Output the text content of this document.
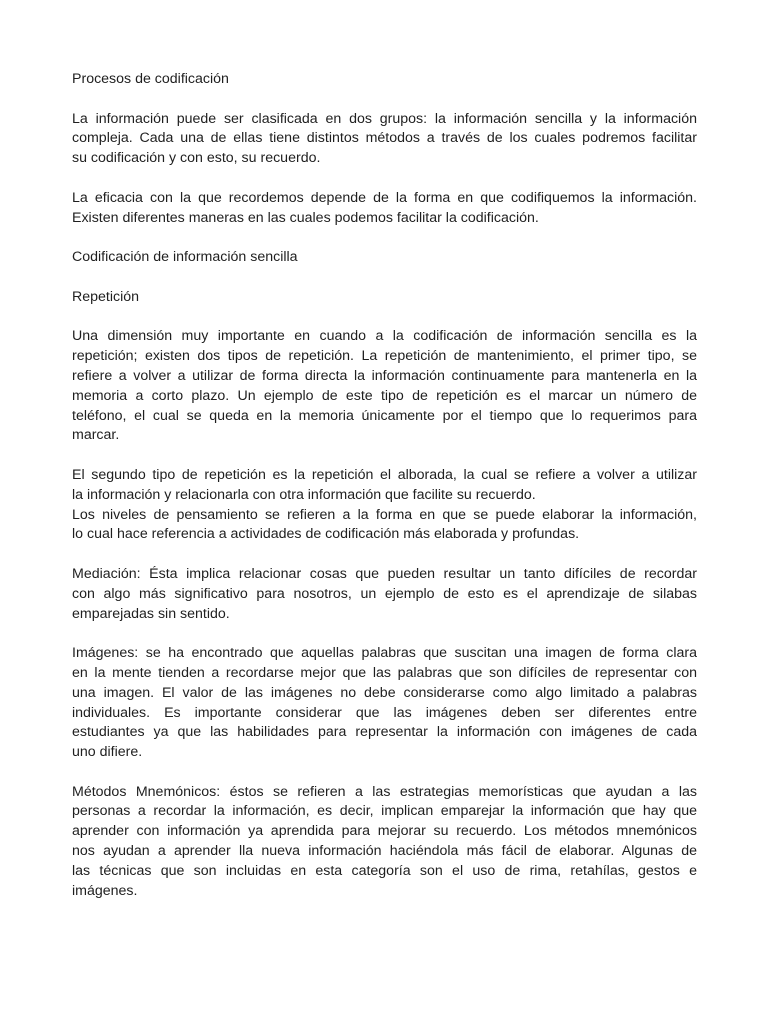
Procesos de codificación
La información puede ser clasificada en dos grupos: la información sencilla y la información
compleja. Cada una de ellas tiene distintos métodos a través de los cuales podremos facilitar
su codificación y con esto, su recuerdo.
La eficacia con la que recordemos depende de la forma en que codifiquemos la información.
Existen diferentes maneras en las cuales podemos facilitar la codificación.
Codificación de información sencilla
Repetición
Una dimensión muy importante en cuando a la codificación de información sencilla es la
repetición; existen dos tipos de repetición. La repetición de mantenimiento, el primer tipo, se
refiere a volver a utilizar de forma directa la información continuamente para mantenerla en la
memoria a corto plazo. Un ejemplo de este tipo de repetición es el marcar un número de
teléfono, el cual se queda en la memoria únicamente por el tiempo que lo requerimos para
marcar.
El segundo tipo de repetición es la repetición el alborada, la cual se refiere a volver a utilizar
la información y relacionarla con otra información que facilite su recuerdo.
Los niveles de pensamiento se refieren a la forma en que se puede elaborar la información,
lo cual hace referencia a actividades de codificación más elaborada y profundas.
Mediación: Ésta implica relacionar cosas que pueden resultar un tanto difíciles de recordar
con algo más significativo para nosotros, un ejemplo de esto es el aprendizaje de silabas
emparejadas sin sentido.
Imágenes: se ha encontrado que aquellas palabras que suscitan una imagen de forma clara
en la mente tienden a recordarse mejor que las palabras que son difíciles de representar con
una imagen. El valor de las imágenes no debe considerarse como algo limitado a palabras
individuales. Es importante considerar que las imágenes deben ser diferentes entre
estudiantes ya que las habilidades para representar la información con imágenes de cada
uno difiere.
Métodos Mnemónicos: éstos se refieren a las estrategias memorísticas que ayudan a las
personas a recordar la información, es decir, implican emparejar la información que hay que
aprender con información ya aprendida para mejorar su recuerdo. Los métodos mnemónicos
nos ayudan a aprender lla nueva información haciéndola más fácil de elaborar. Algunas de
las técnicas que son incluidas en esta categoría son el uso de rima, retahílas, gestos e
imágenes.
